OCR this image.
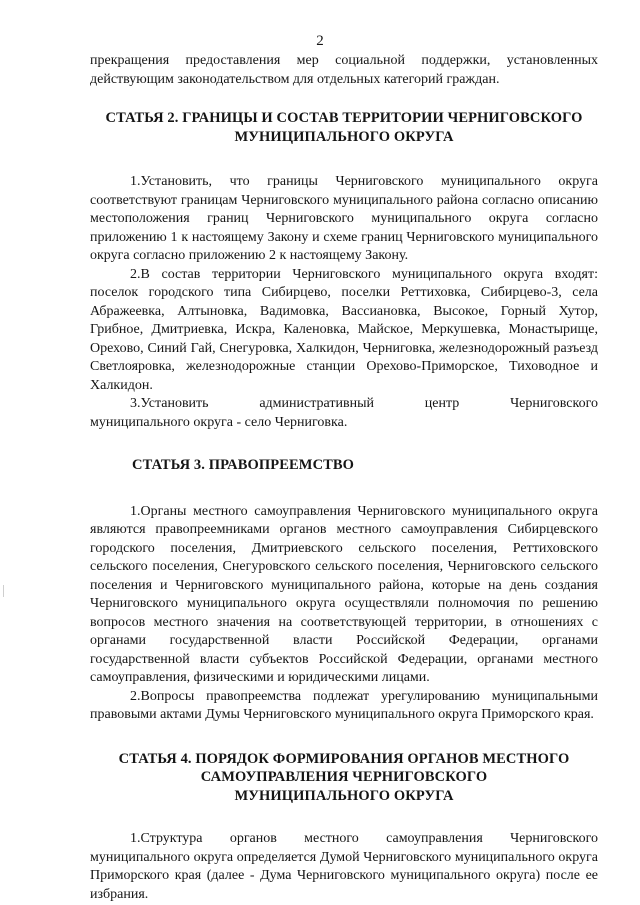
2

прекращения предоставления мер социальной поддержки, установленных действующим законодательством для отдельных категорий граждан.

СТАТЬЯ 2. ГРАНИЦЫ И СОСТАВ ТЕРРИТОРИИ ЧЕРНИГОВСКОГО
МУНИЦИПАЛЬНОГО ОКРУГА

1.Установить, что границы Черниговского муниципального округа соответствуют границам Черниговского муниципального района согласно описанию местоположения границ Черниговского муниципального округа согласно приложению 1 к настоящему Закону и схеме границ Черниговского муниципального округа согласно приложению 2 к настоящему Закону.

2.В состав территории Черниговского муниципального округа входят: поселок городского типа Сибирцево, поселки Реттиховка, Сибирцево-3, села Абражеевка, Алтыновка, Вадимовка, Вассиановка, Высокое, Горный Хутор, Грибное, Дмитриевка, Искра, Каленовка, Майское, Меркушевка, Монастырище, Орехово, Синий Гай, Снегуровка, Халкидон, Черниговка, железнодорожный разъезд Светлояровка, железнодорожные станции Орехово-Приморское, Тиховодное и Халкидон.

3.Установить административный центр Черниговского

муниципального округа - село Черниговка.

СТАТЬЯ 3. ПРАВОПРЕЕМСТВО

1.Органы местного самоуправления Черниговского муниципального округа являются правопреемниками органов местного самоуправления Сибирцевского городского поселения, Дмитриевского сельского поселения, Реттиховского сельского поселения, Снегуровского сельского поселения, Черниговского сельского поселения и Черниговского муниципального района, которые на день создания Черниговского муниципального округа осуществляли полномочия по решению вопросов местного значения на соответствующей территории, в отношениях с органами государственной власти Российской Федерации, органами государственной власти субъектов Российской Федерации, органами местного самоуправления, физическими и юридическими лицами.

2.Вопросы правопреемства подлежат урегулированию муниципальными правовыми актами Думы Черниговского муниципального округа Приморского края.

СТАТЬЯ 4. ПОРЯДОК ФОРМИРОВАНИЯ ОРГАНОВ МЕСТНОГО
САМОУПРАВЛЕНИЯ ЧЕРНИГОВСКОГО
МУНИЦИПАЛЬНОГО ОКРУГА

1.Структура органов местного самоуправления Черниговского муниципального округа определяется Думой Черниговского муниципального округа Приморского края (далее - Дума Черниговского муниципального округа) после ее избрания.
